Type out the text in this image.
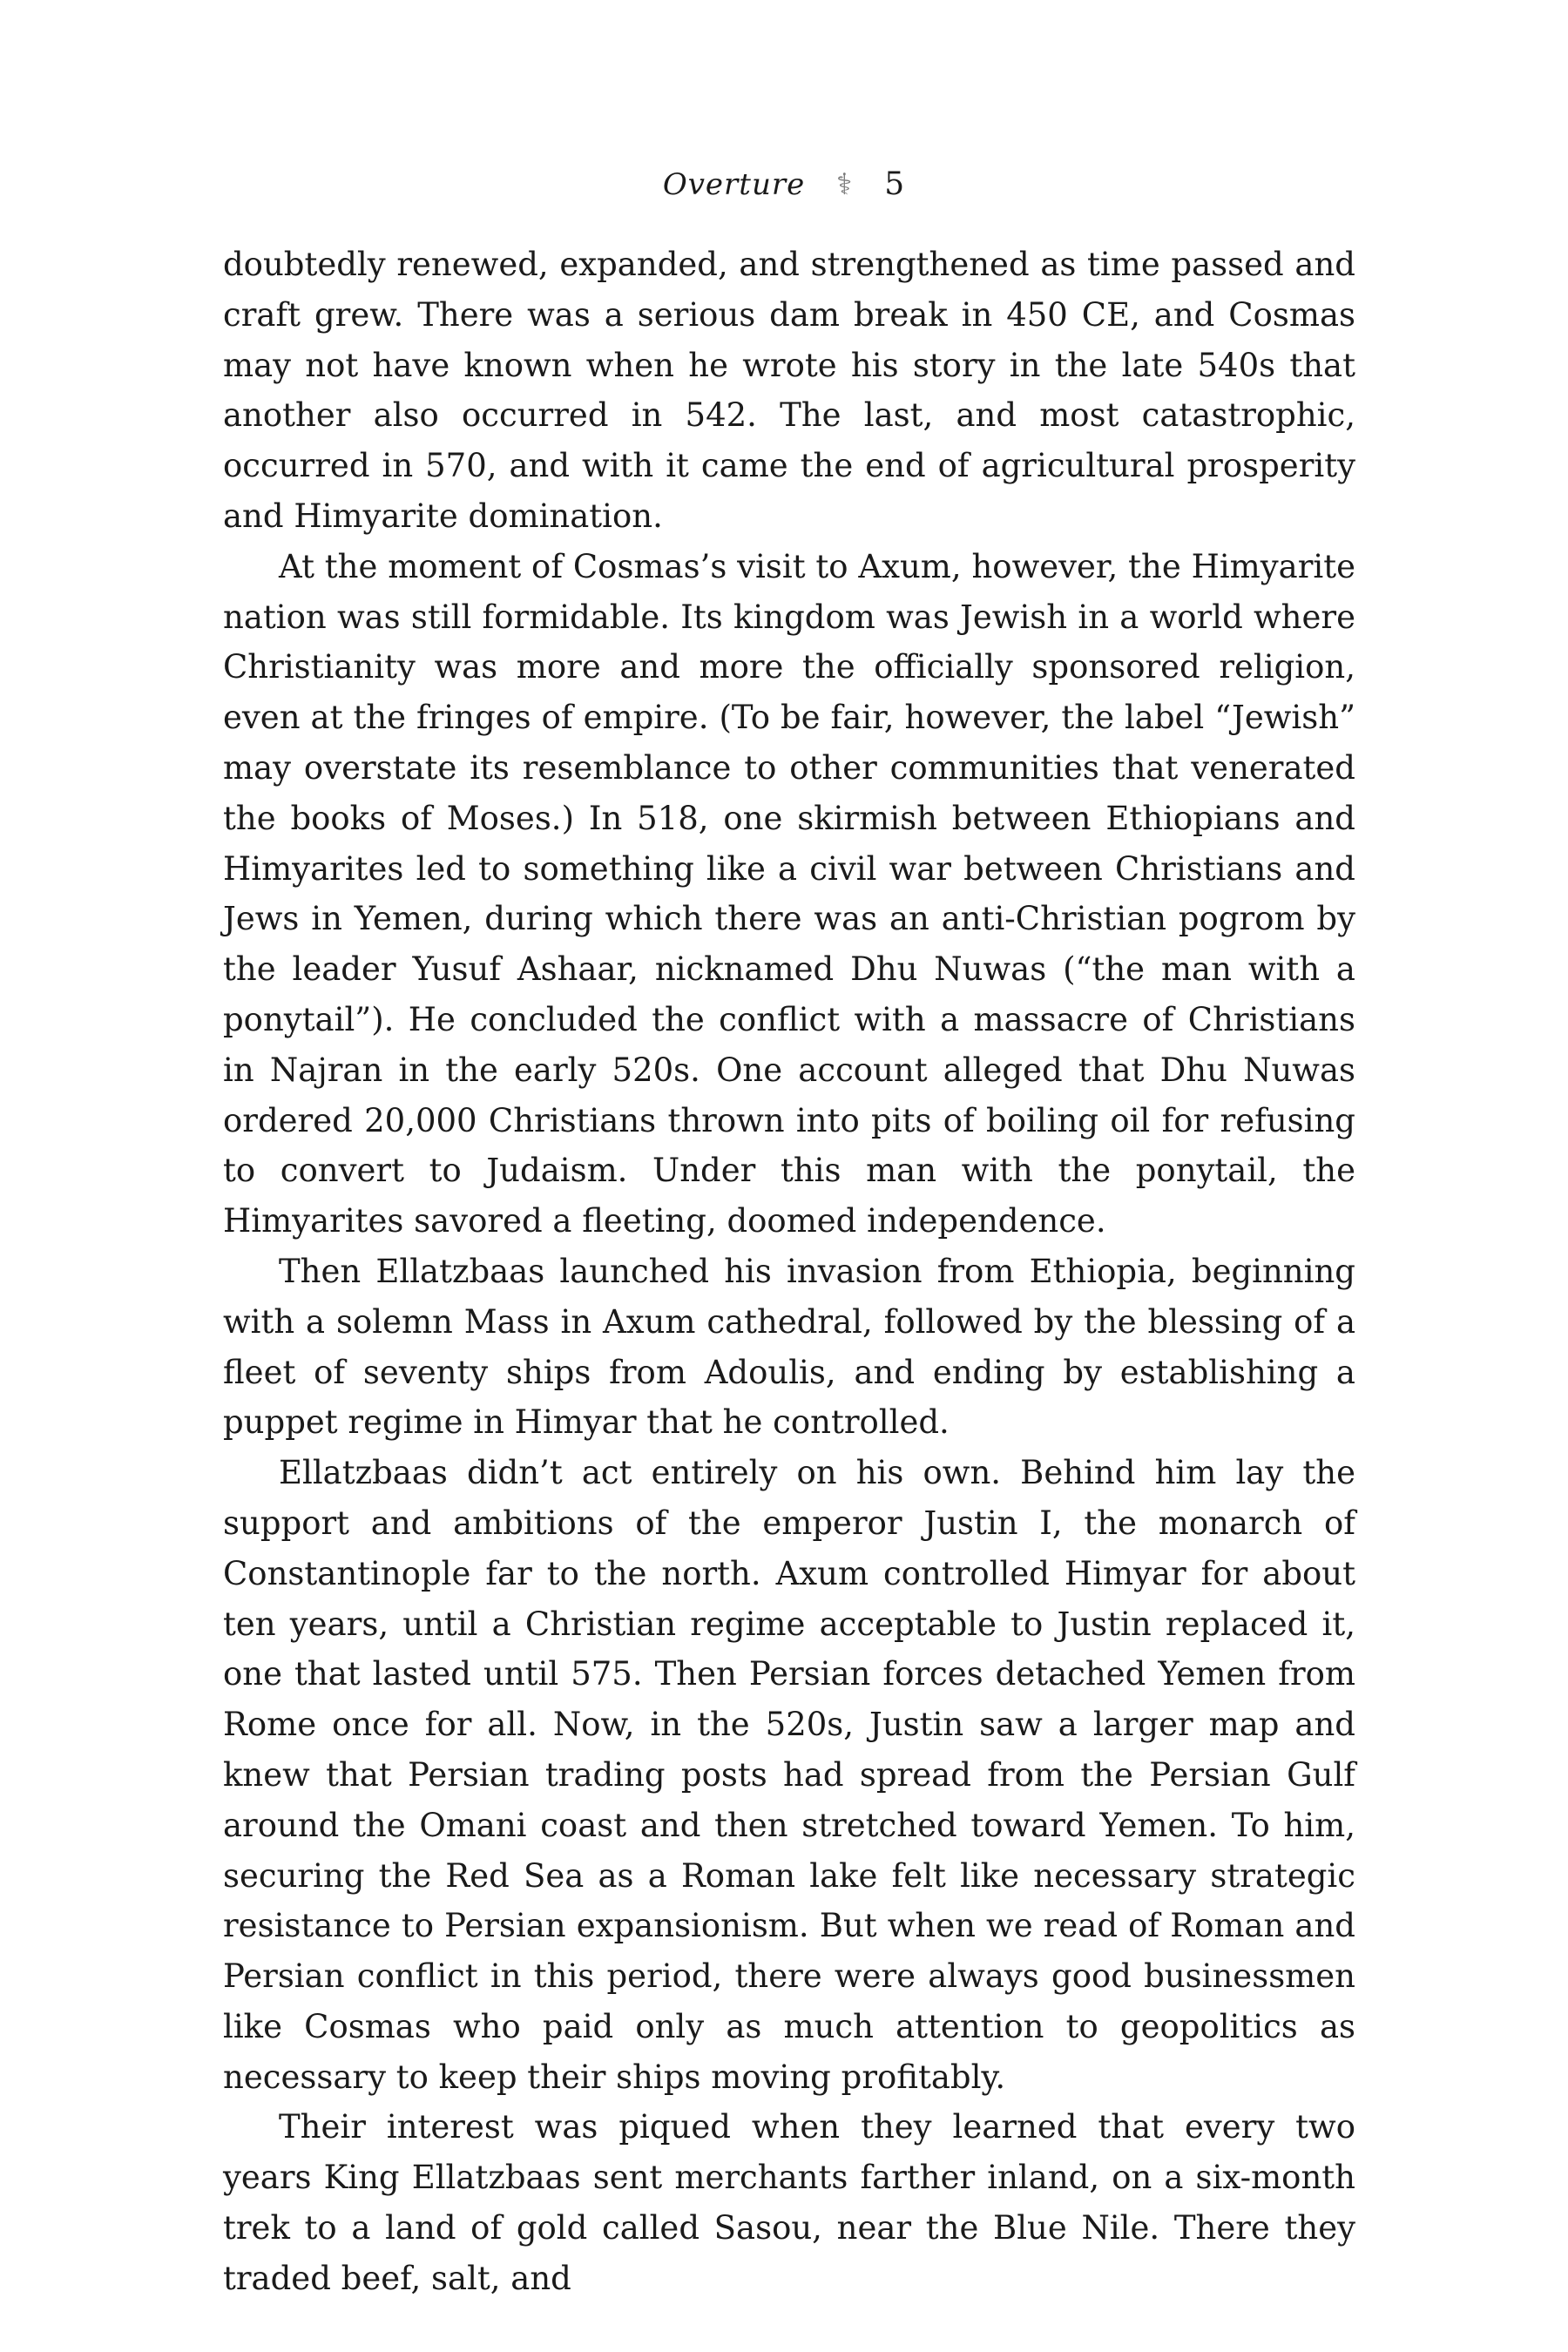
Overture ⚕ 5

doubtedly renewed, expanded, and strengthened as time passed and craft grew. There was a serious dam break in 450 CE, and Cosmas may not have known when he wrote his story in the late 540s that another also occurred in 542. The last, and most catastrophic, occurred in 570, and with it came the end of agricultural prosperity and Himyarite domination.

At the moment of Cosmas’s visit to Axum, however, the Himyarite nation was still formidable. Its kingdom was Jewish in a world where Christianity was more and more the officially sponsored religion, even at the fringes of empire. (To be fair, however, the label “Jewish” may overstate its resemblance to other communities that venerated the books of Moses.) In 518, one skirmish between Ethiopians and Himyarites led to something like a civil war between Christians and Jews in Yemen, during which there was an anti-Christian pogrom by the leader Yusuf Ashaar, nicknamed Dhu Nuwas (“the man with a ponytail”). He concluded the conflict with a massacre of Christians in Najran in the early 520s. One account alleged that Dhu Nuwas ordered 20,000 Christians thrown into pits of boiling oil for refusing to convert to Judaism. Under this man with the ponytail, the Himyarites savored a fleeting, doomed independence.

Then Ellatzbaas launched his invasion from Ethiopia, beginning with a solemn Mass in Axum cathedral, followed by the blessing of a fleet of seventy ships from Adoulis, and ending by establishing a puppet regime in Himyar that he controlled.

Ellatzbaas didn’t act entirely on his own. Behind him lay the support and ambitions of the emperor Justin I, the monarch of Constantinople far to the north. Axum controlled Himyar for about ten years, until a Christian regime acceptable to Justin replaced it, one that lasted until 575. Then Persian forces detached Yemen from Rome once for all. Now, in the 520s, Justin saw a larger map and knew that Persian trading posts had spread from the Persian Gulf around the Omani coast and then stretched toward Yemen. To him, securing the Red Sea as a Roman lake felt like necessary strategic resistance to Persian expansionism. But when we read of Roman and Persian conflict in this period, there were always good businessmen like Cosmas who paid only as much attention to geopolitics as necessary to keep their ships moving profitably.

Their interest was piqued when they learned that every two years King Ellatzbaas sent merchants farther inland, on a six-month trek to a land of gold called Sasou, near the Blue Nile. There they traded beef, salt, and
